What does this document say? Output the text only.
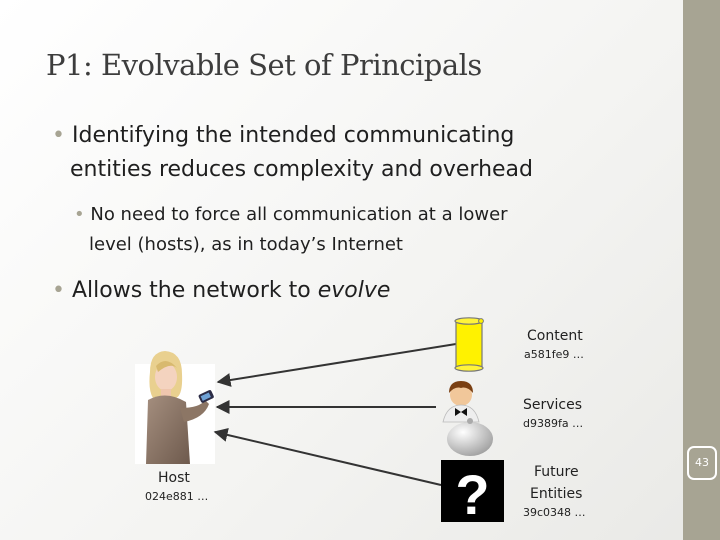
P1: Evolvable Set of Principals
• Identifying the intended communicating
entities reduces complexity and overhead
• No need to force all communication at a lower
level (hosts), as in today’s Internet
• Allows the network to evolve
?
Content
a581fe9 …
Services
d9389fa …
Future
Entities
39c0348 …
Host
024e881 …
43
